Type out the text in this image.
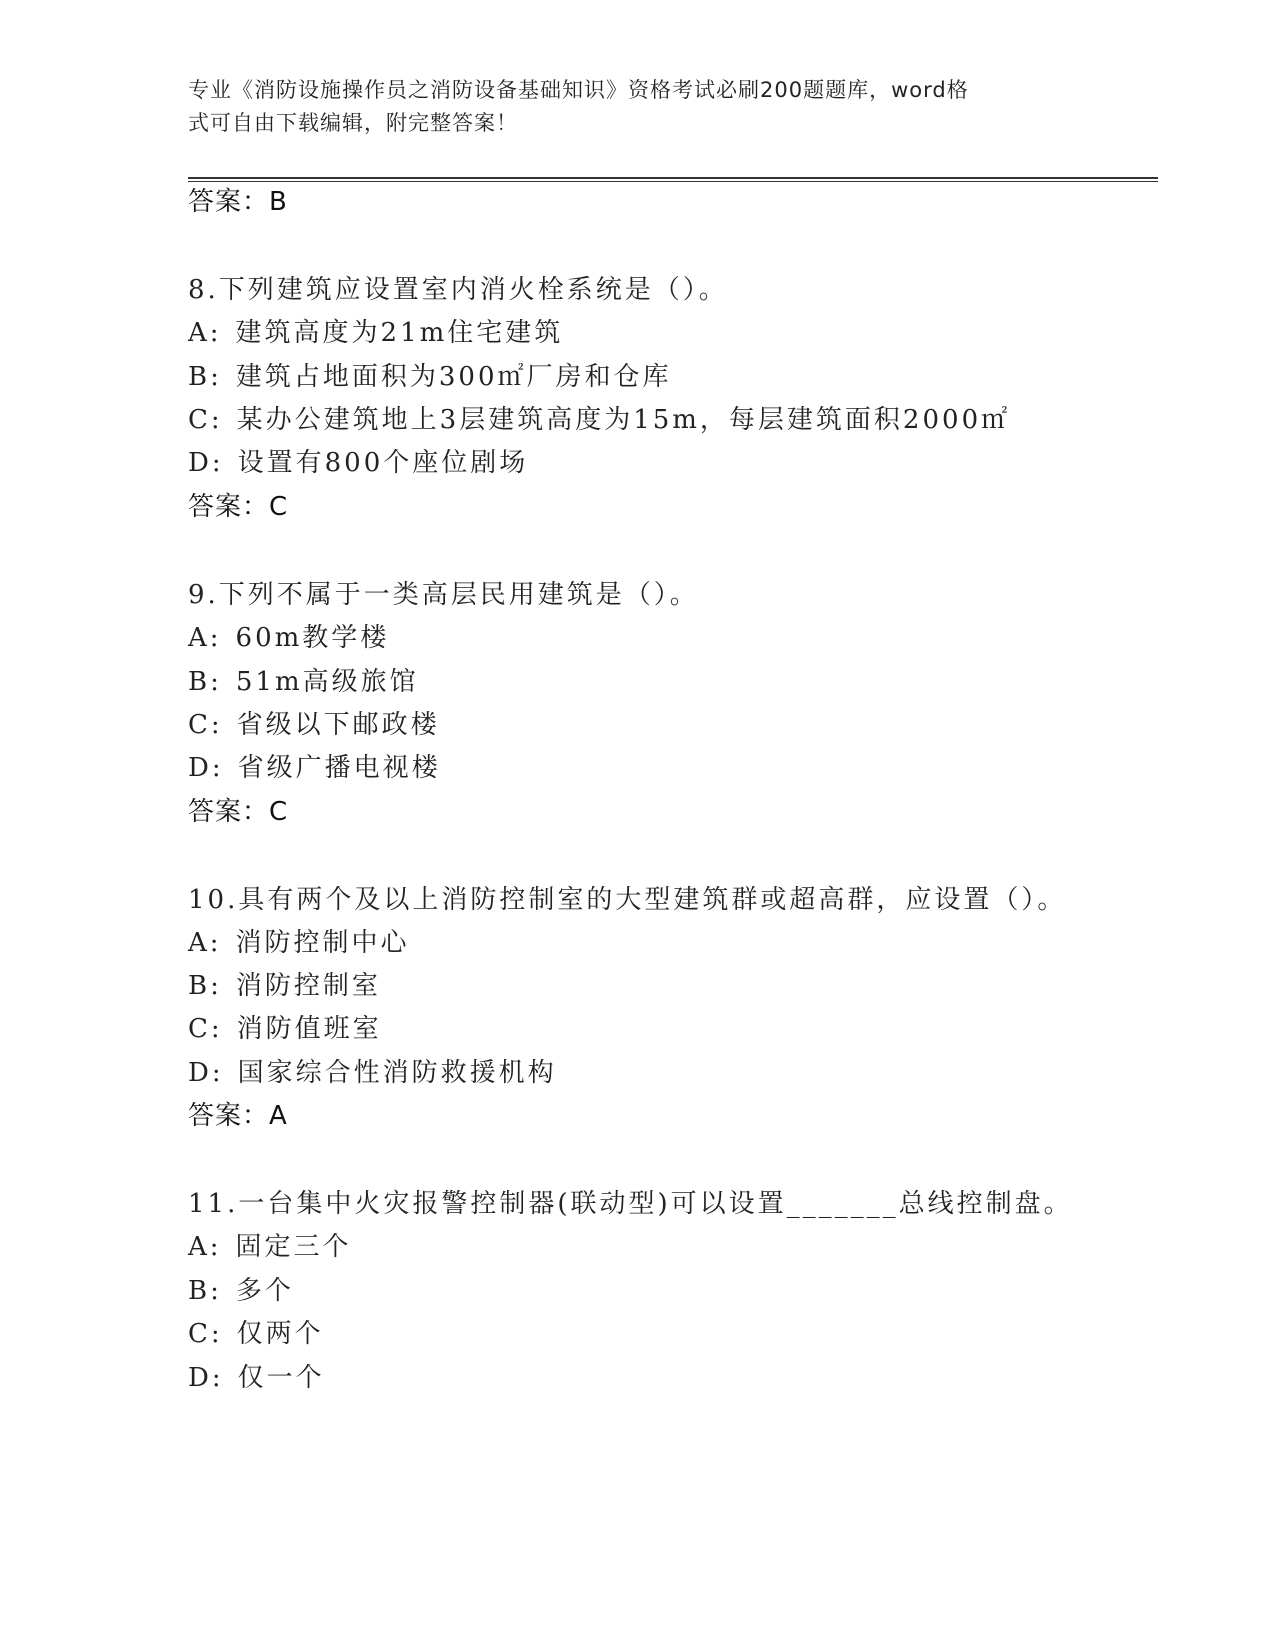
专业《消防设施操作员之消防设备基础知识》资格考试必刷200题题库，word格
式可自由下载编辑，附完整答案！
答案：B
8.下列建筑应设置室内消火栓系统是（）。
A: 建筑高度为21m住宅建筑
B: 建筑占地面积为300㎡厂房和仓库
C: 某办公建筑地上3层建筑高度为15m，每层建筑面积2000㎡
D: 设置有800个座位剧场
答案：C
9.下列不属于一类高层民用建筑是（）。
A: 60m教学楼
B: 51m高级旅馆
C: 省级以下邮政楼
D: 省级广播电视楼
答案：C
10.具有两个及以上消防控制室的大型建筑群或超高群，应设置（）。
A: 消防控制中心
B: 消防控制室
C: 消防值班室
D: 国家综合性消防救援机构
答案：A
11.一台集中火灾报警控制器(联动型)可以设置_______总线控制盘。
A: 固定三个
B: 多个
C: 仅两个
D: 仅一个
